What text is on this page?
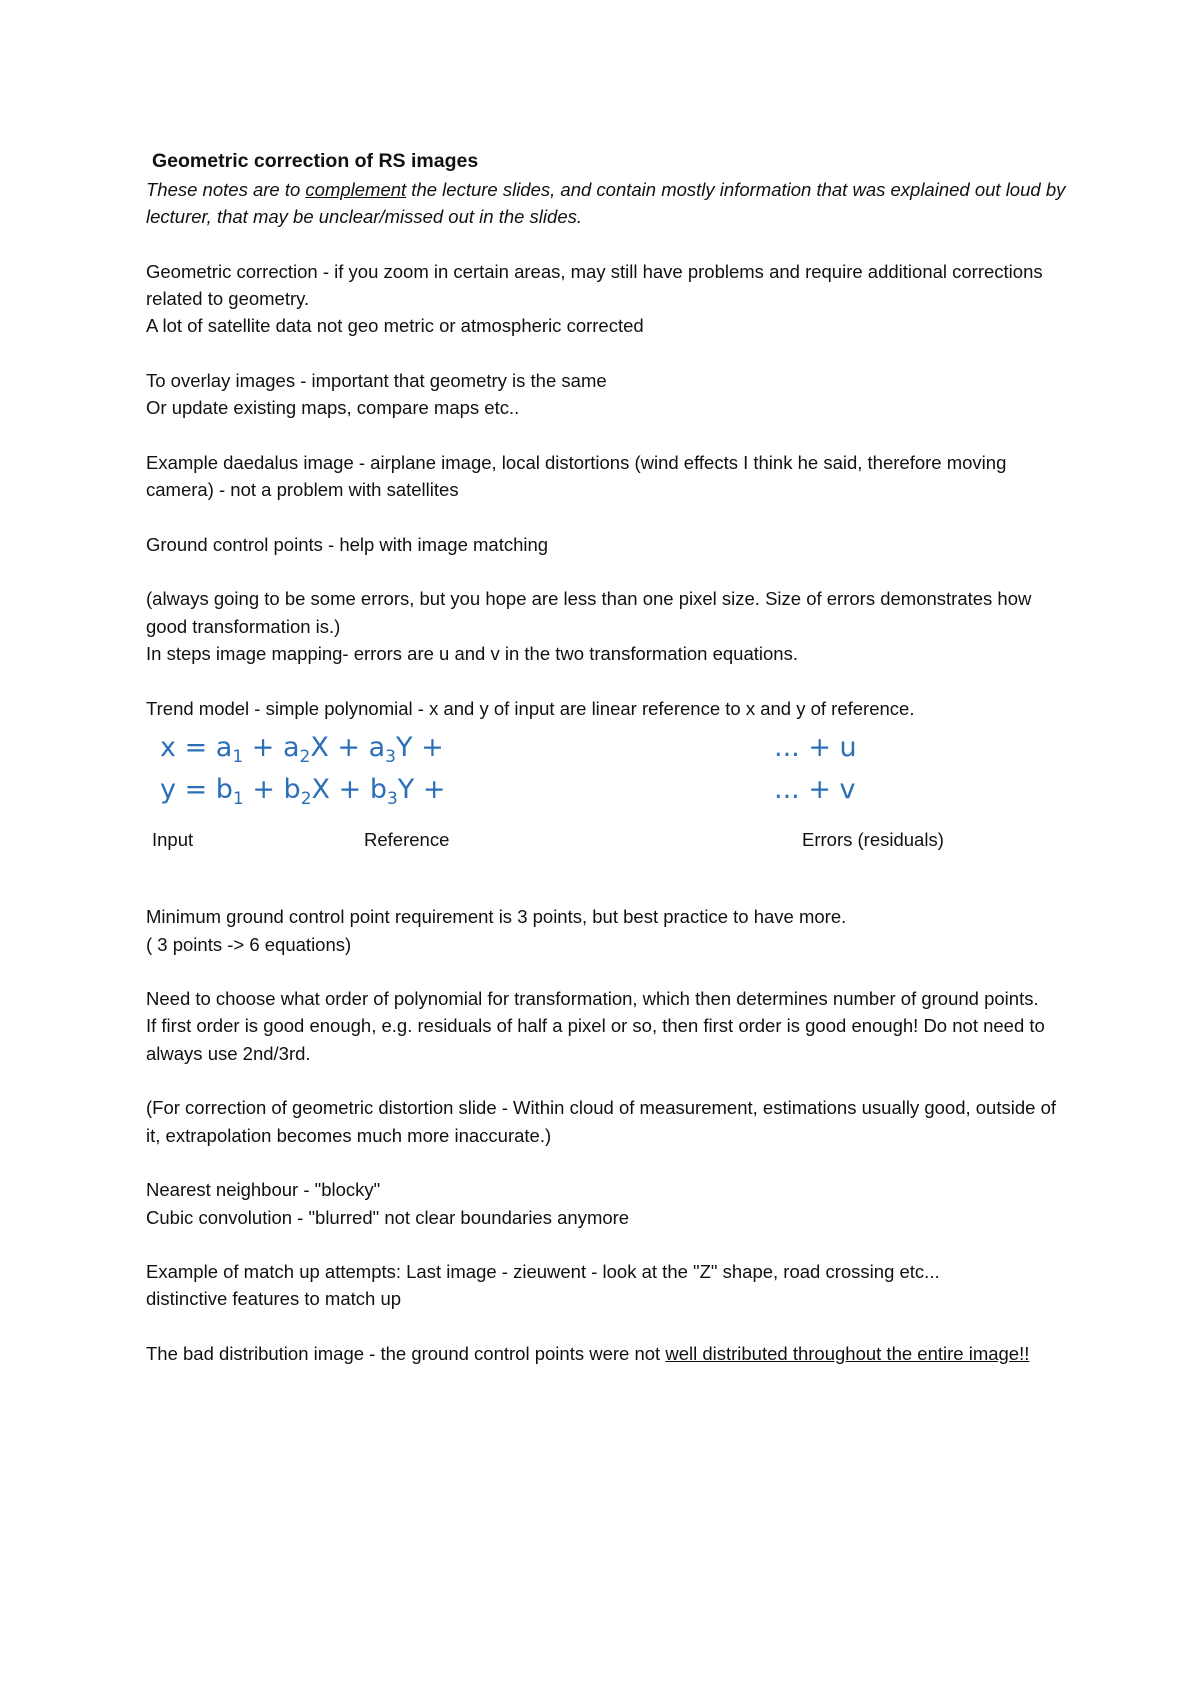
Geometric correction of RS images

These notes are to complement the lecture slides, and contain mostly information that was explained out loud by lecturer, that may be unclear/missed out in the slides.

Geometric correction - if you zoom in certain areas, may still have problems and require additional corrections related to geometry.

A lot of satellite data not geo metric or atmospheric corrected

To overlay images - important that geometry is the same

Or update existing maps, compare maps etc..

Example daedalus image - airplane image, local distortions (wind effects I think he said, therefore moving camera) - not a problem with satellites

Ground control points - help with image matching

(always going to be some errors, but you hope are less than one pixel size. Size of errors demonstrates how good transformation is.)

In steps image mapping- errors are u and v in the two transformation equations.

Trend model - simple polynomial - x and y of input are linear reference to x and y of reference.

$x = a_1 + a_2X + a_3Y$ +	... + u
$y = b_1 + b_2X + b_3Y$ +	... + v
Input	Reference	Errors (residuals)

Minimum ground control point requirement is 3 points, but best practice to have more.

( 3 points -> 6 equations)

Need to choose what order of polynomial for transformation, which then determines number of ground points.

If first order is good enough, e.g. residuals of half a pixel or so, then first order is good enough! Do not need to always use 2nd/3rd.

(For correction of geometric distortion slide - Within cloud of measurement, estimations usually good, outside of it, extrapolation becomes much more inaccurate.)

Nearest neighbour - "blocky"

Cubic convolution - "blurred" not clear boundaries anymore

Example of match up attempts: Last image - zieuwent - look at the "Z" shape, road crossing etc...

distinctive features to match up

The bad distribution image - the ground control points were not well distributed throughout the entire image!!
